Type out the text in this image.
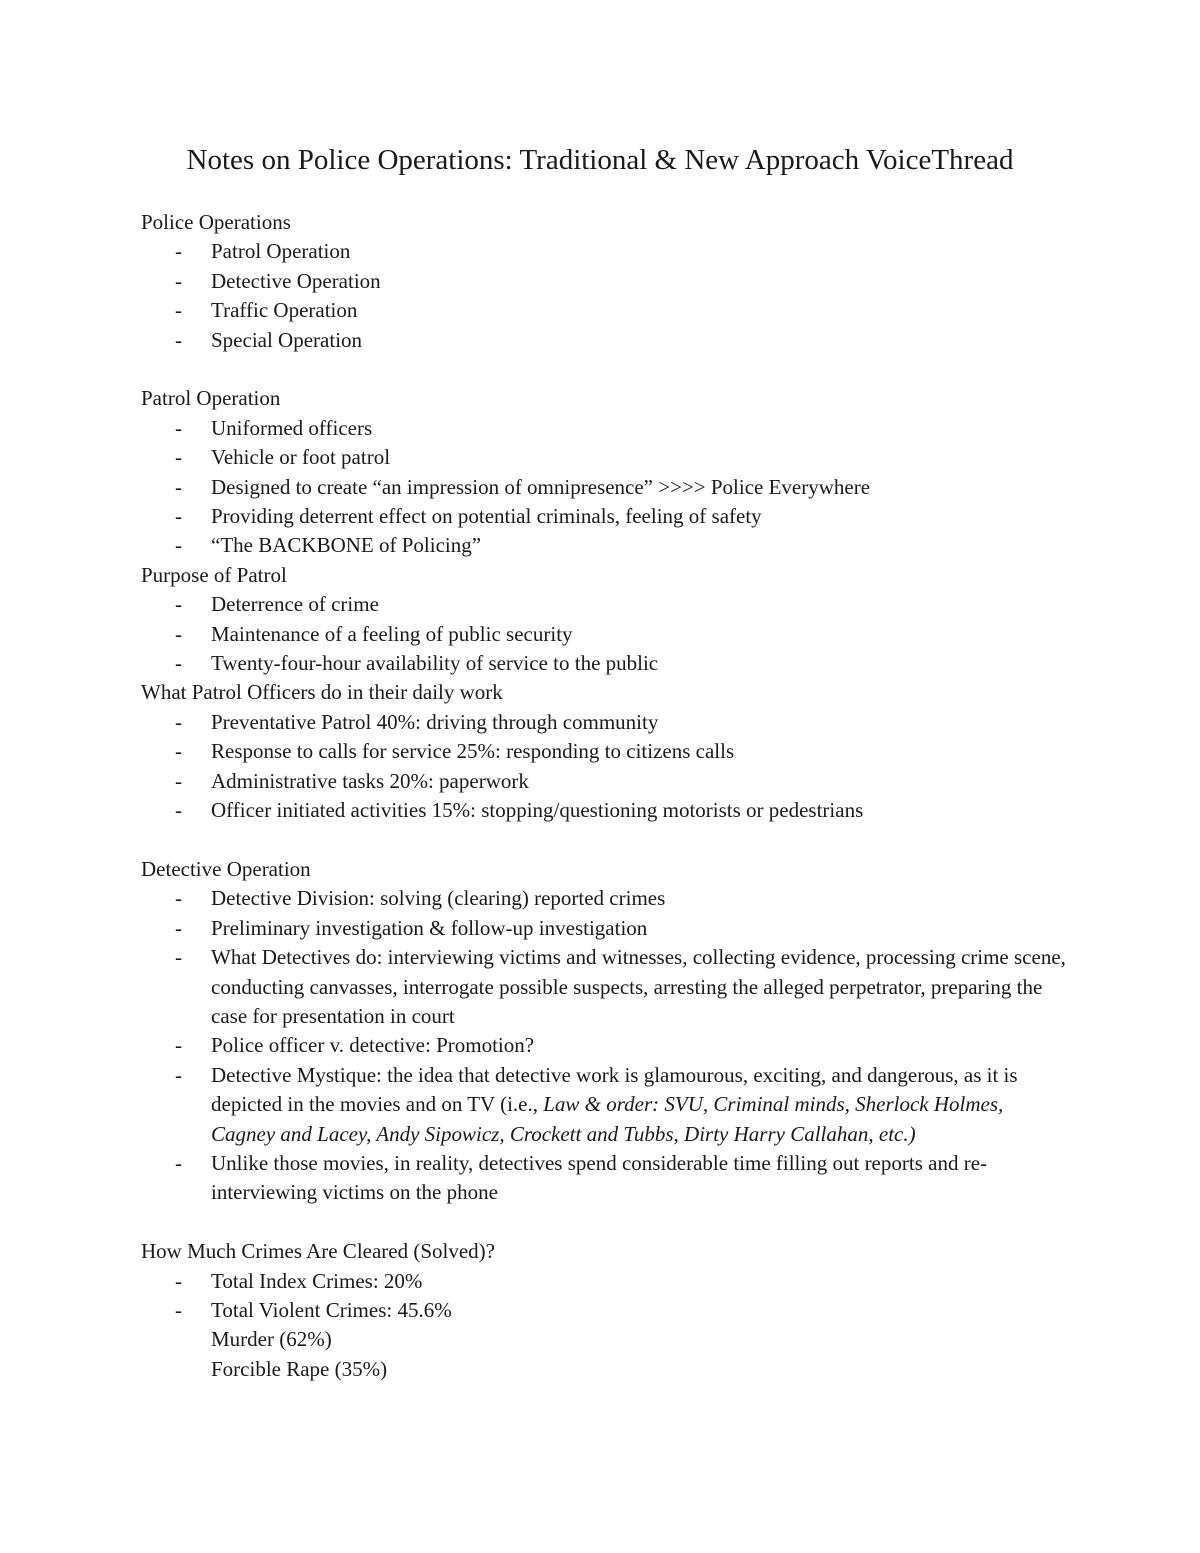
Notes on Police Operations: Traditional & New Approach VoiceThread

Police Operations

- Patrol Operation
- Detective Operation
- Traffic Operation
- Special Operation

Patrol Operation

- Uniformed officers
- Vehicle or foot patrol
- Designed to create “an impression of omnipresence” >>>> Police Everywhere
- Providing deterrent effect on potential criminals, feeling of safety
- “The BACKBONE of Policing”

Purpose of Patrol

- Deterrence of crime
- Maintenance of a feeling of public security
- Twenty-four-hour availability of service to the public

What Patrol Officers do in their daily work

- Preventative Patrol 40%: driving through community
- Response to calls for service 25%: responding to citizens calls
- Administrative tasks 20%: paperwork
- Officer initiated activities 15%: stopping/questioning motorists or pedestrians

Detective Operation

- Detective Division: solving (clearing) reported crimes
- Preliminary investigation & follow-up investigation
- What Detectives do: interviewing victims and witnesses, collecting evidence, processing crime scene, conducting canvasses, interrogate possible suspects, arresting the alleged perpetrator, preparing the case for presentation in court
- Police officer v. detective: Promotion?
- Detective Mystique: the idea that detective work is glamourous, exciting, and dangerous, as it is depicted in the movies and on TV (i.e., Law & order: SVU, Criminal minds, Sherlock Holmes, Cagney and Lacey, Andy Sipowicz, Crockett and Tubbs, Dirty Harry Callahan, etc.)
- Unlike those movies, in reality, detectives spend considerable time filling out reports and re-interviewing victims on the phone

How Much Crimes Are Cleared (Solved)?

- Total Index Crimes: 20%
- Total Violent Crimes: 45.6%
Murder (62%)
Forcible Rape (35%)
